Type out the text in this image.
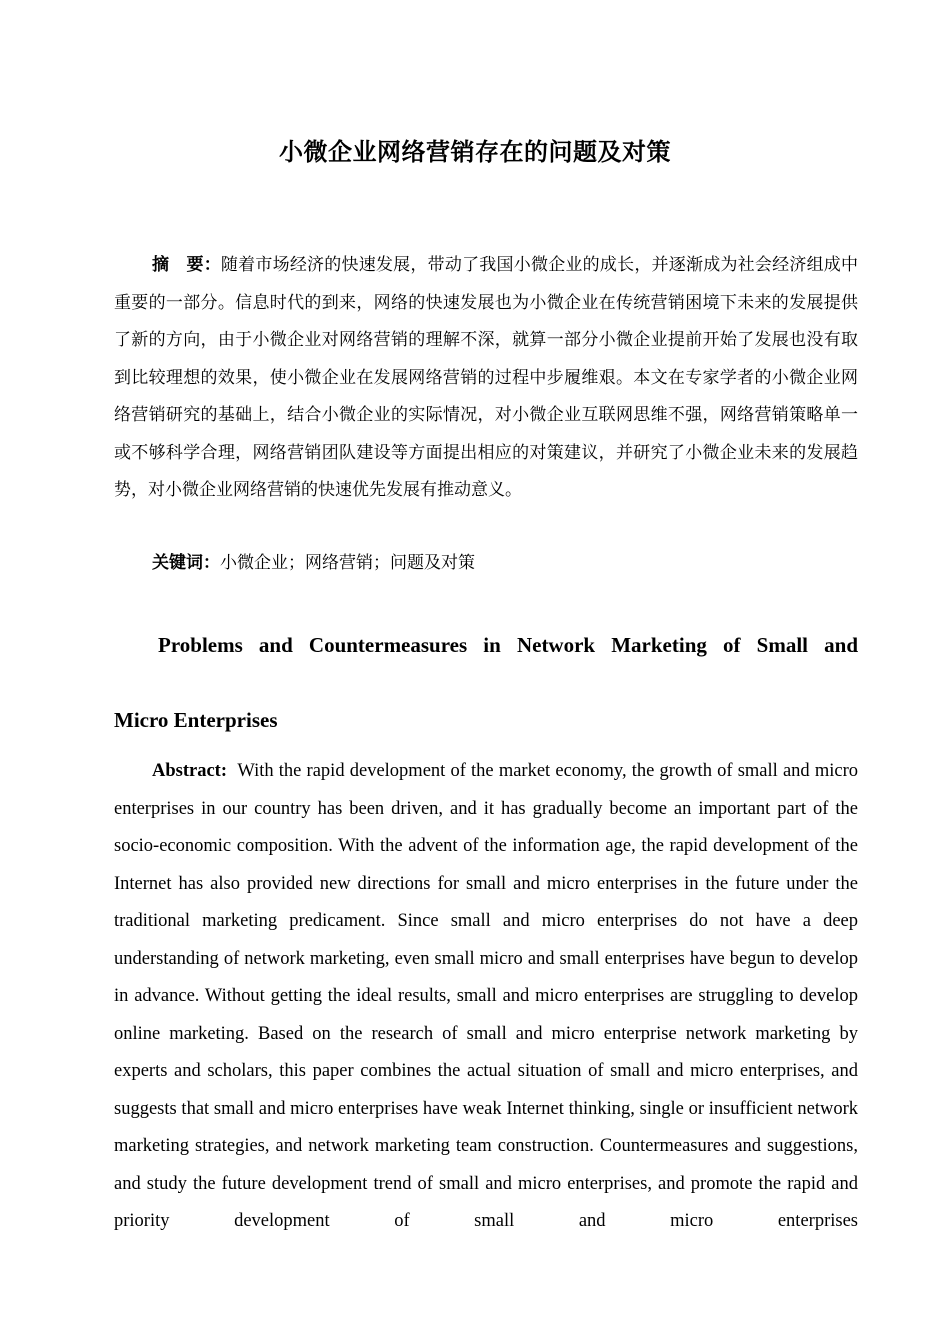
小微企业网络营销存在的问题及对策

摘　要：随着市场经济的快速发展，带动了我国小微企业的成长，并逐渐成为社会经济组成中重要的一部分。信息时代的到来，网络的快速发展也为小微企业在传统营销困境下未来的发展提供了新的方向，由于小微企业对网络营销的理解不深，就算一部分小微企业提前开始了发展也没有取到比较理想的效果，使小微企业在发展网络营销的过程中步履维艰。本文在专家学者的小微企业网络营销研究的基础上，结合小微企业的实际情况，对小微企业互联网思维不强，网络营销策略单一或不够科学合理，网络营销团队建设等方面提出相应的对策建议，并研究了小微企业未来的发展趋势，对小微企业网络营销的快速优先发展有推动意义。

关键词：小微企业；网络营销；问题及对策

Problems and Countermeasures in Network Marketing of Small and
Micro Enterprises

Abstract: With the rapid development of the market economy, the growth of small and micro enterprises in our country has been driven, and it has gradually become an important part of the socio-economic composition. With the advent of the information age, the rapid development of the Internet has also provided new directions for small and micro enterprises in the future under the traditional marketing predicament. Since small and micro enterprises do not have a deep understanding of network marketing, even small micro and small enterprises have begun to develop in advance. Without getting the ideal results, small and micro enterprises are struggling to develop online marketing. Based on the research of small and micro enterprise network marketing by experts and scholars, this paper combines the actual situation of small and micro enterprises, and suggests that small and micro enterprises have weak Internet thinking, single or insufficient network marketing strategies, and network marketing team construction. Countermeasures and suggestions, and study the future development trend of small and micro enterprises, and promote the rapid and priority development of small and micro enterprises
